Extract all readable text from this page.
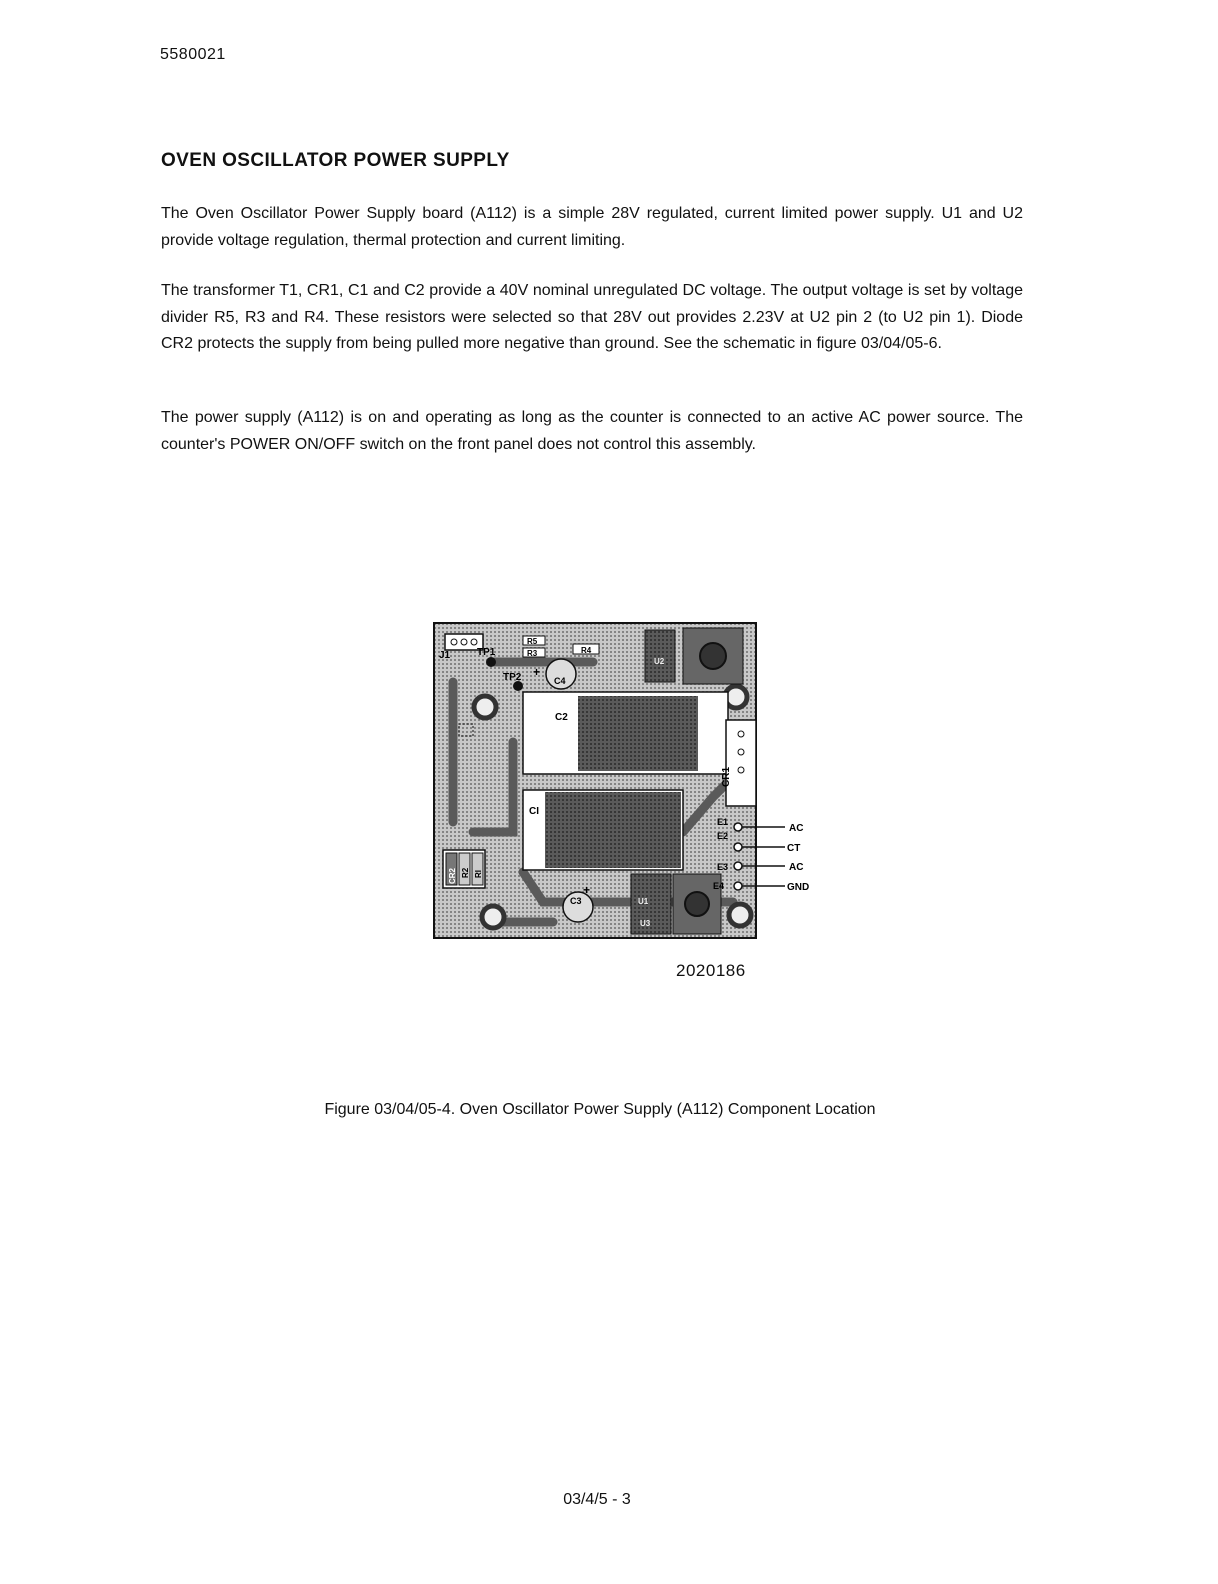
5580021
OVEN OSCILLATOR POWER SUPPLY

The Oven Oscillator Power Supply board (A112) is a simple 28V regulated, current limited power supply. U1 and U2 provide voltage regulation, thermal protection and current limiting.

The transformer T1, CR1, C1 and C2 provide a 40V nominal unregulated DC voltage. The output voltage is set by voltage divider R5, R3 and R4. These resistors were selected so that 28V out provides 2.23V at U2 pin 2 (to U2 pin 1). Diode CR2 protects the supply from being pulled more negative than ground. See the schematic in figure 03/04/05-6.

The power supply (A112) is on and operating as long as the counter is connected to an active AC power source. The counter's POWER ON/OFF switch on the front panel does not control this assembly.

J1	TP1
TP2
R5
R3	R4
C4
+
U2
C2
CR1
CI
CR2 R2 RI
C3
+
U1
U3
E1
E2
E3
E4
AC
CT
AC
GND
2020186
Figure 03/04/05-4. Oven Oscillator Power Supply (A112) Component Location
03/4/5 - 3
